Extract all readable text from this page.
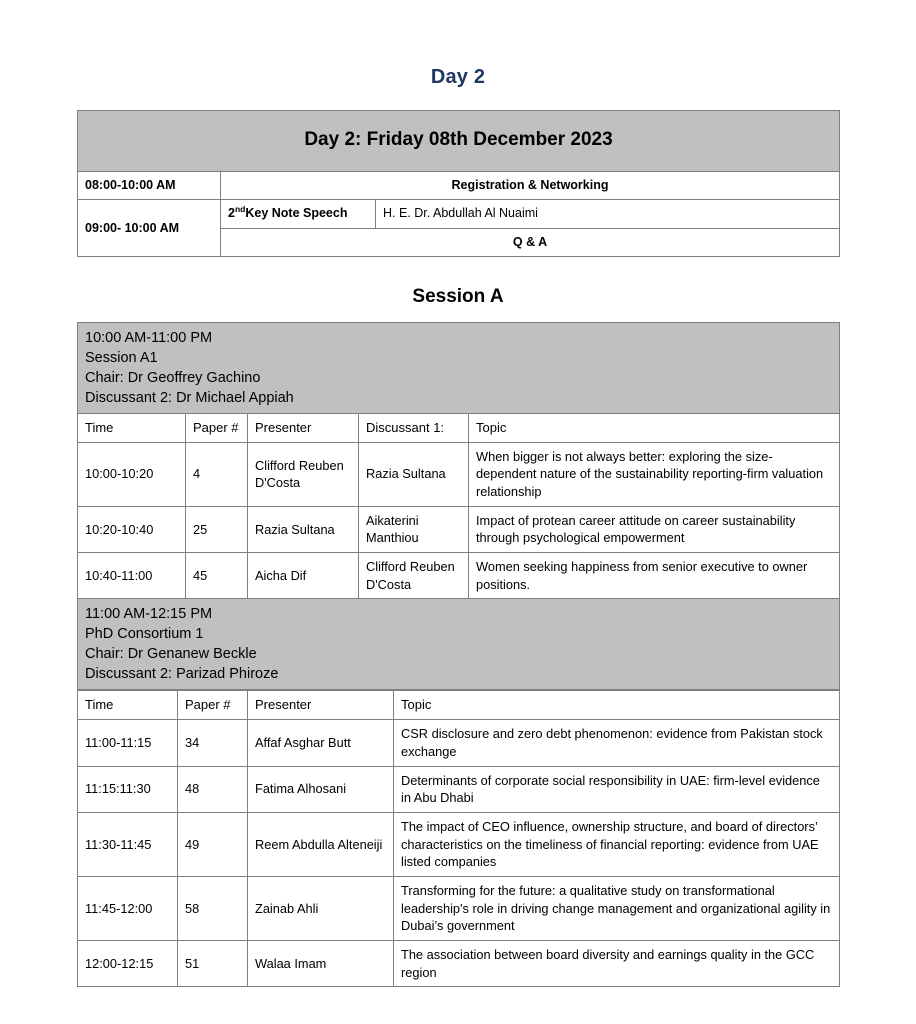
Day 2
Day 2: Friday 08th December 2023		
08:00-10:00 AM	Registration & Networking	
09:00- 10:00 AM	2ndKey Note Speech	H. E. Dr. Abdullah Al Nuaimi
	Q & A	
Session A
10:00 AM-11:00 PM
Session A1
Chair: Dr Geoffrey Gachino
Discussant 2: Dr Michael Appiah				

Time	Paper #	Presenter	Discussant 1:	Topic
10:00-10:20	4	Clifford Reuben D'Costa	Razia Sultana	When bigger is not always better: exploring the size-dependent nature of the sustainability reporting-firm valuation relationship
10:20-10:40	25	Razia Sultana	Aikaterini Manthiou	Impact of protean career attitude on career sustainability through psychological empowerment
10:40-11:00	45	Aicha Dif	Clifford Reuben D'Costa	Women seeking happiness from senior executive to owner positions.

11:00 AM-12:15 PM
PhD Consortium 1
Chair: Dr Genanew Beckle
Discussant 2: Parizad Phiroze				
Time	Paper #	Presenter	Topic
11:00-11:15	34	Affaf Asghar Butt	CSR disclosure and zero debt phenomenon: evidence from Pakistan stock exchange
11:15:11:30	48	Fatima Alhosani	Determinants of corporate social responsibility in UAE: firm-level evidence in Abu Dhabi
11:30-11:45	49	Reem Abdulla Alteneiji	The impact of CEO influence, ownership structure, and board of directors’ characteristics on the timeliness of financial reporting: evidence from UAE listed companies
11:45-12:00	58	Zainab Ahli	Transforming for the future: a qualitative study on transformational leadership's role in driving change management and organizational agility in Dubai’s government
12:00-12:15	51	Walaa Imam	The association between board diversity and earnings quality in the GCC region
